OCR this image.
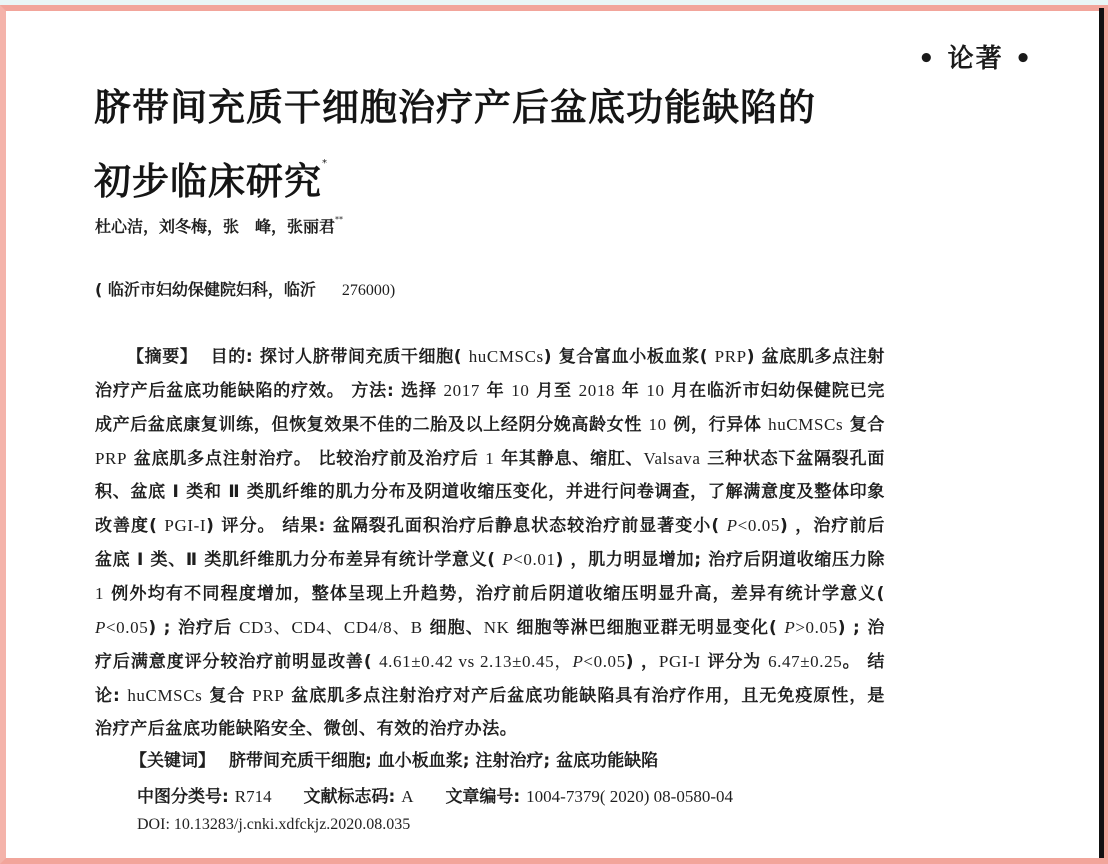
• 论著 •
脐带间充质干细胞治疗产后盆底功能缺陷的
初步临床研究*
杜心洁，刘冬梅，张　峰，张丽君**
( 临沂市妇幼保健院妇科，临沂 276000)
【摘要】 目的: 探讨人脐带间充质干细胞( huCMSCs) 复合富血小板血浆( PRP) 盆底肌多点注射治疗产后盆底功能缺陷的疗效。 方法: 选择 2017 年 10 月至 2018 年 10 月在临沂市妇幼保健院已完成产后盆底康复训练，但恢复效果不佳的二胎及以上经阴分娩高龄女性 10 例，行异体 huCMSCs 复合 PRP 盆底肌多点注射治疗。 比较治疗前及治疗后 1 年其静息、缩肛、Valsava 三种状态下盆隔裂孔面积、盆底 Ⅰ 类和 Ⅱ 类肌纤维的肌力分布及阴道收缩压变化，并进行问卷调查，了解满意度及整体印象改善度( PGI-I) 评分。 结果: 盆隔裂孔面积治疗后静息状态较治疗前显著变小( P<0.05) ，治疗前后盆底 Ⅰ 类、Ⅱ 类肌纤维肌力分布差异有统计学意义( P<0.01) ，肌力明显增加; 治疗后阴道收缩压力除 1 例外均有不同程度增加，整体呈现上升趋势，治疗前后阴道收缩压明显升高，差异有统计学意义( P<0.05) ; 治疗后 CD3、CD4、CD4/8、B 细胞、NK 细胞等淋巴细胞亚群无明显变化( P>0.05) ; 治疗后满意度评分较治疗前明显改善( 4.61±0.42 vs 2.13±0.45，P<0.05) ，PGI-I 评分为 6.47±0.25。 结论: huCMSCs 复合 PRP 盆底肌多点注射治疗对产后盆底功能缺陷具有治疗作用，且无免疫原性，是治疗产后盆底功能缺陷安全、微创、有效的治疗办法。
【关键词】 脐带间充质干细胞; 血小板血浆; 注射治疗; 盆底功能缺陷
中图分类号: R714 文献标志码: A 文章编号: 1004-7379( 2020) 08-0580-04
DOI: 10.13283/j.cnki.xdfckjz.2020.08.035
